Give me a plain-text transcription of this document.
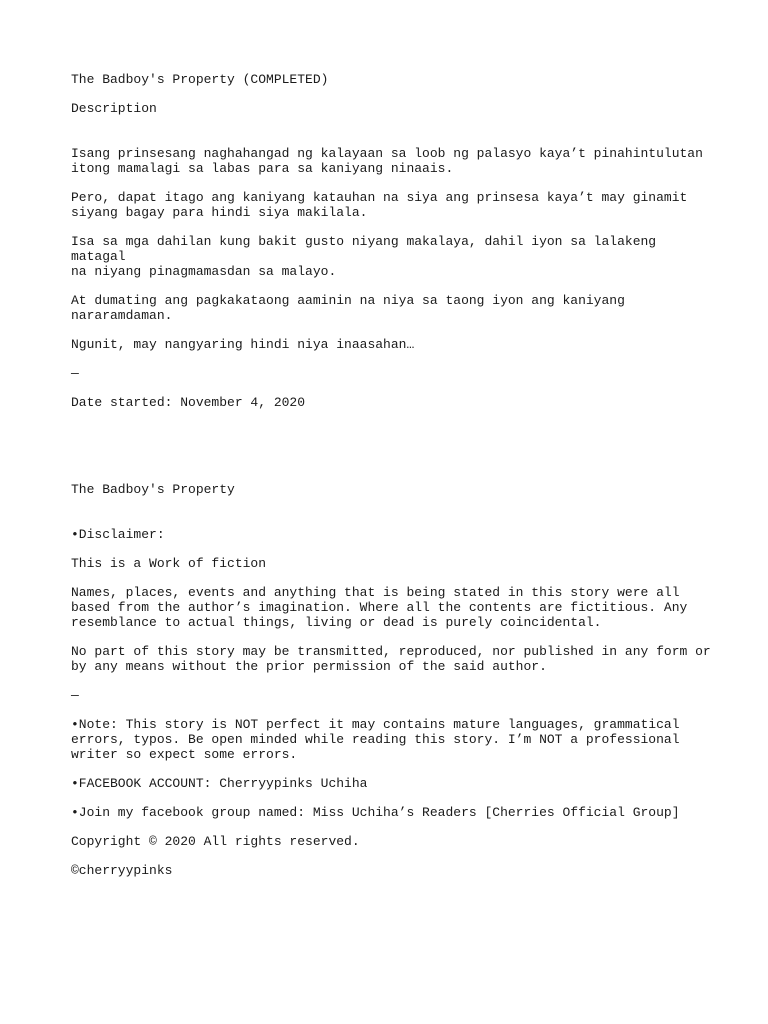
The Badboy's Property (COMPLETED)

Description

Isang prinsesang naghahangad ng kalayaan sa loob ng palasyo kaya’t pinahintulutan
itong mamalagi sa labas para sa kaniyang ninaais.

Pero, dapat itago ang kaniyang katauhan na siya ang prinsesa kaya’t may ginamit
siyang bagay para hindi siya makilala.

Isa sa mga dahilan kung bakit gusto niyang makalaya, dahil iyon sa lalakeng matagal
na niyang pinagmamasdan sa malayo.

At dumating ang pagkakataong aaminin na niya sa taong iyon ang kaniyang
nararamdaman.

Ngunit, may nangyaring hindi niya inaasahan…

—

Date started: November 4, 2020

The Badboy's Property

•Disclaimer:

This is a Work of fiction

Names, places, events and anything that is being stated in this story were all
based from the author’s imagination. Where all the contents are fictitious. Any
resemblance to actual things, living or dead is purely coincidental.

No part of this story may be transmitted, reproduced, nor published in any form or
by any means without the prior permission of the said author.

—

•Note: This story is NOT perfect it may contains mature languages, grammatical
errors, typos. Be open minded while reading this story. I’m NOT a professional
writer so expect some errors.

•FACEBOOK ACCOUNT: Cherryypinks Uchiha

•Join my facebook group named: Miss Uchiha’s Readers [Cherries Official Group]

Copyright © 2020 All rights reserved.

©cherryypinks
